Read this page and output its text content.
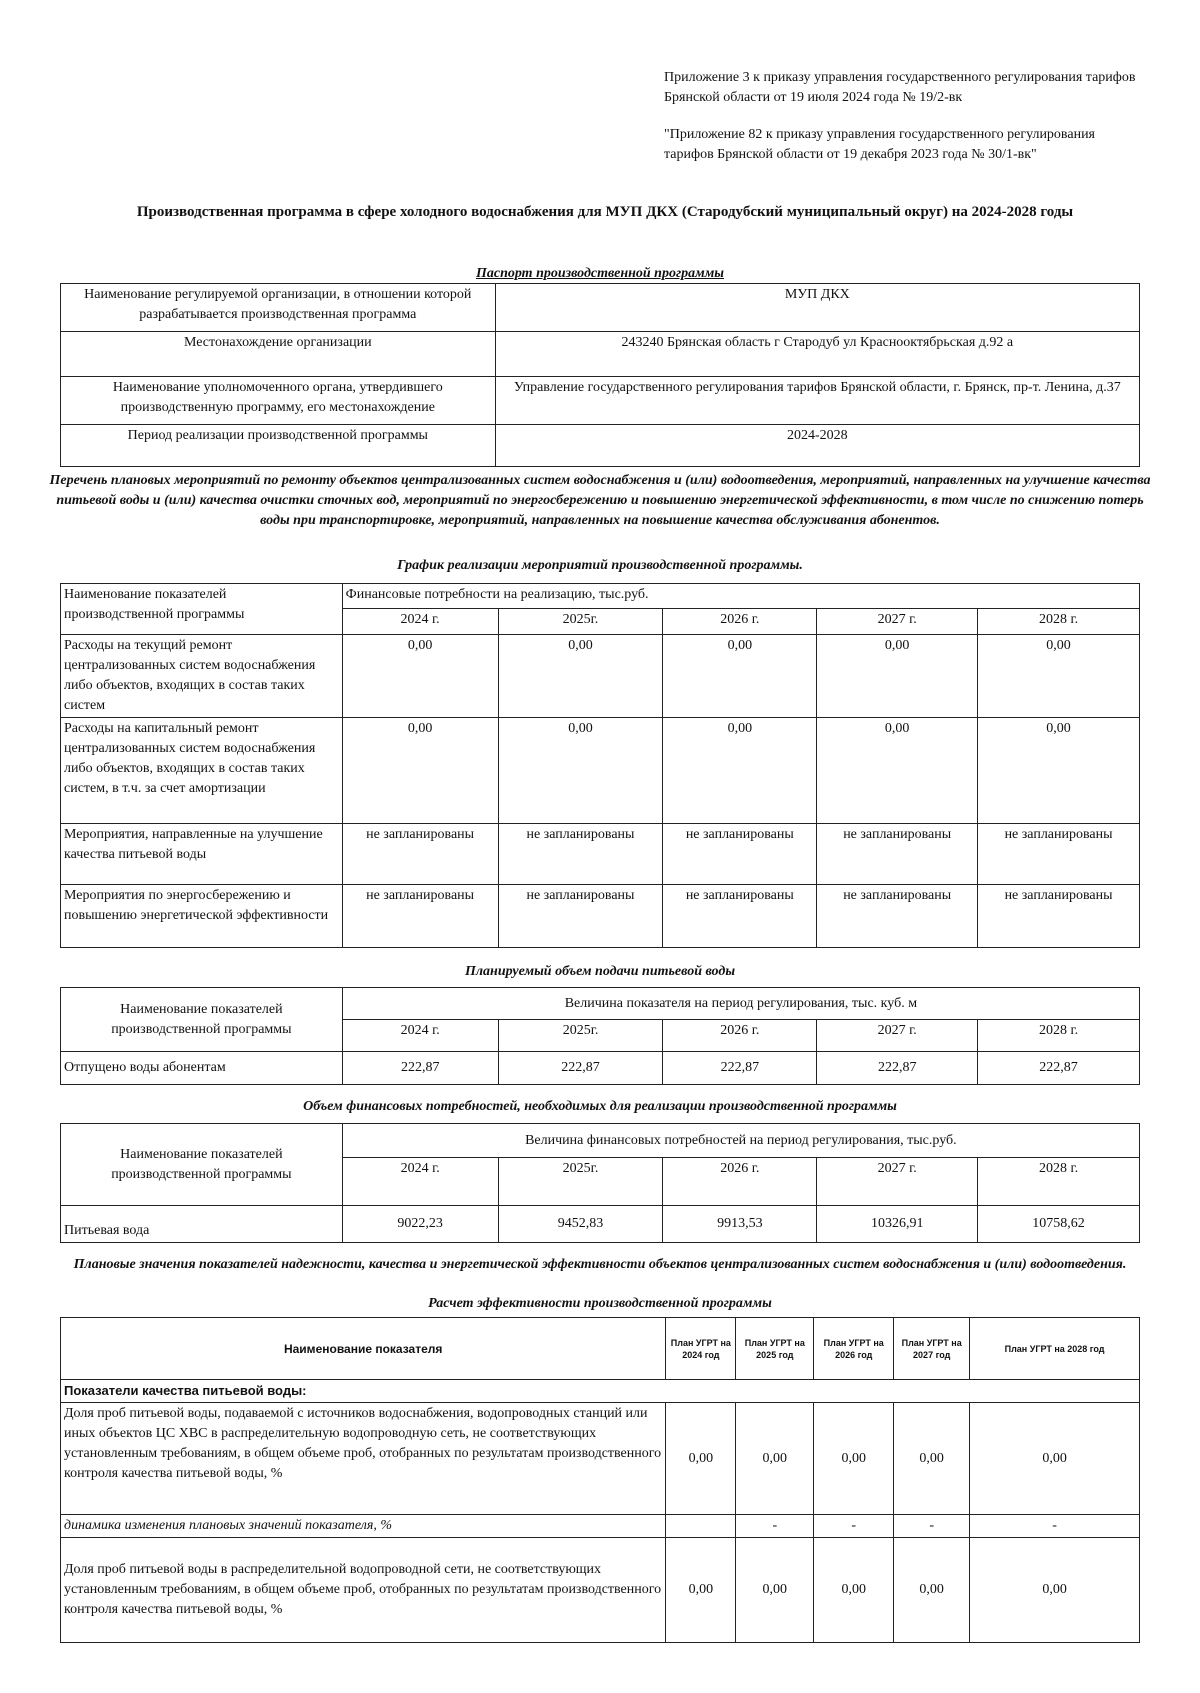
Приложение 3 к приказу управления государственного регулирования тарифов Брянской области от 19 июля 2024 года № 19/2-вк
"Приложение 82 к приказу управления государственного регулирования тарифов Брянской области от 19 декабря 2023 года № 30/1-вк"
Производственная программа в сфере холодного водоснабжения для МУП ДКХ (Стародубский муниципальный округ) на 2024-2028 годы
Паспорт производственной программы
Наименование регулируемой организации, в отношении которой разрабатывается производственная программа	МУП ДКХ
Местонахождение организации	243240 Брянская область г Стародуб ул Краснооктябрьская д.92 а
Наименование уполномоченного органа, утвердившего производственную программу, его местонахождение	Управление государственного регулирования тарифов Брянской области, г. Брянск, пр-т. Ленина, д.37
Период реализации производственной программы	2024-2028
Перечень плановых мероприятий по ремонту объектов централизованных систем водоснабжения и (или) водоотведения, мероприятий, направленных на улучшение качества питьевой воды и (или) качества очистки сточных вод, мероприятий по энергосбережению и повышению энергетической эффективности, в том числе по снижению потерь воды при транспортировке, мероприятий, направленных на повышение качества обслуживания абонентов.
График реализации мероприятий производственной программы.
Наименование показателей производственной программы	Финансовые потребности на реализацию, тыс.руб.				
	2024 г.	2025г.	2026 г.	2027 г.	2028 г.
Расходы на текущий ремонт централизованных систем водоснабжения либо объектов, входящих в состав таких систем	0,00	0,00	0,00	0,00	0,00
Расходы на капитальный ремонт централизованных систем водоснабжения либо объектов, входящих в состав таких систем, в т.ч. за счет амортизации	0,00	0,00	0,00	0,00	0,00
Мероприятия, направленные на улучшение качества питьевой воды	не запланированы	не запланированы	не запланированы	не запланированы	не запланированы
Мероприятия по энергосбережению и повышению энергетической эффективности	не запланированы	не запланированы	не запланированы	не запланированы	не запланированы
Планируемый объем подачи питьевой воды
Наименование показателей производственной программы	Величина показателя на период регулирования, тыс. куб. м				
	2024 г.	2025г.	2026 г.	2027 г.	2028 г.
Отпущено воды абонентам	222,87	222,87	222,87	222,87	222,87
Объем финансовых потребностей, необходимых для реализации производственной программы
Наименование показателей производственной программы	Величина финансовых потребностей на период регулирования, тыс.руб.				
	2024 г.	2025г.	2026 г.	2027 г.	2028 г.
Питьевая вода	9022,23	9452,83	9913,53	10326,91	10758,62
Плановые значения показателей надежности, качества и энергетической эффективности объектов централизованных систем водоснабжения и (или) водоотведения.
Расчет эффективности производственной программы
Наименование показателя	План УГРТ на 2024 год	План УГРТ на 2025 год	План УГРТ на 2026 год	План УГРТ на 2027 год	План УГРТ на 2028 год
Показатели качества питьевой воды:					
Доля проб питьевой воды, подаваемой с источников водоснабжения, водопроводных станций или иных объектов ЦС ХВС в распределительную водопроводную сеть, не соответствующих установленным требованиям, в общем объеме проб, отобранных по результатам производственного контроля качества питьевой воды, %	0,00	0,00	0,00	0,00	0,00
динамика изменения плановых значений показателя, %		-	-	-	-
Доля проб питьевой воды в распределительной водопроводной сети, не соответствующих установленным требованиям, в общем объеме проб, отобранных по результатам производственного контроля качества питьевой воды, %	0,00	0,00	0,00	0,00	0,00
